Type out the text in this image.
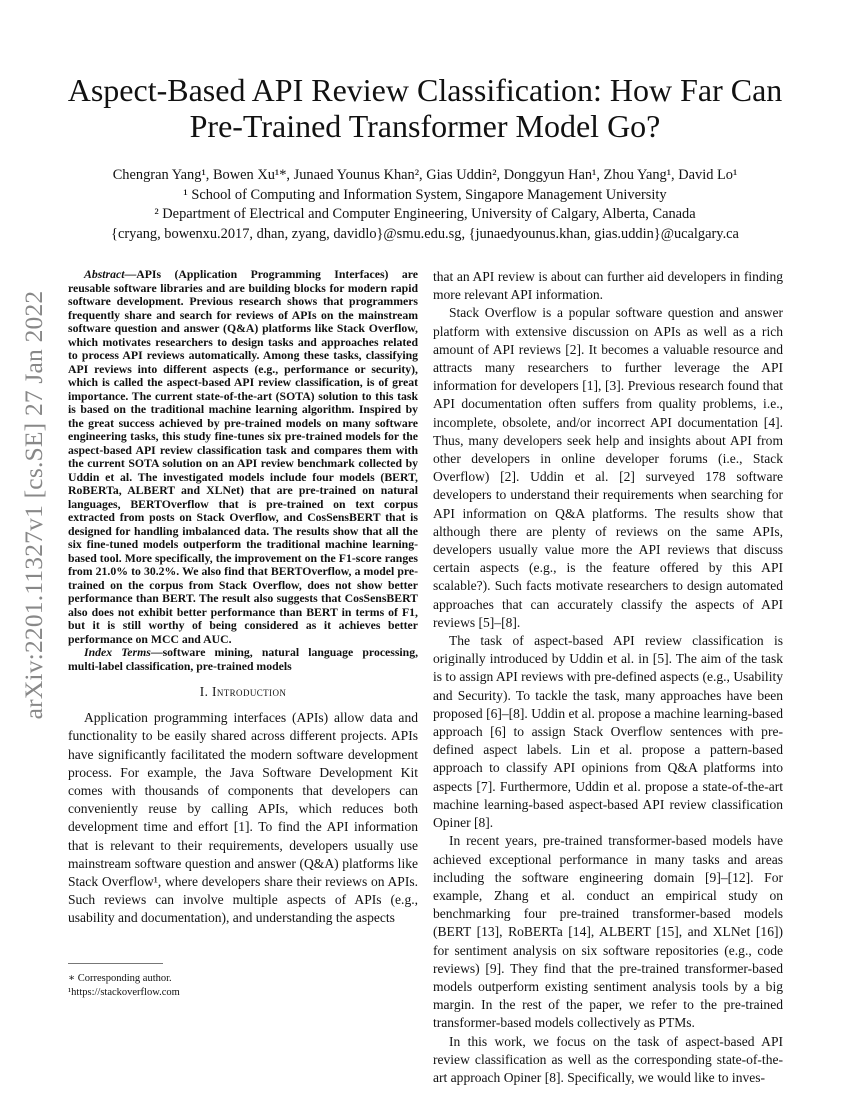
arXiv:2201.11327v1 [cs.SE] 27 Jan 2022
Aspect-Based API Review Classification: How Far Can Pre-Trained Transformer Model Go?
Chengran Yang¹, Bowen Xu¹*, Junaed Younus Khan², Gias Uddin², Donggyun Han¹, Zhou Yang¹, David Lo¹
¹ School of Computing and Information System, Singapore Management University
² Department of Electrical and Computer Engineering, University of Calgary, Alberta, Canada
{cryang, bowenxu.2017, dhan, zyang, davidlo}@smu.edu.sg, {junaedyounus.khan, gias.uddin}@ucalgary.ca

Abstract—APIs (Application Programming Interfaces) are reusable software libraries and are building blocks for modern rapid software development. Previous research shows that programmers frequently share and search for reviews of APIs on the mainstream software question and answer (Q&A) platforms like Stack Overflow, which motivates researchers to design tasks and approaches related to process API reviews automatically. Among these tasks, classifying API reviews into different aspects (e.g., performance or security), which is called the aspect-based API review classification, is of great importance. The current state-of-the-art (SOTA) solution to this task is based on the traditional machine learning algorithm. Inspired by the great success achieved by pre-trained models on many software engineering tasks, this study fine-tunes six pre-trained models for the aspect-based API review classification task and compares them with the current SOTA solution on an API review benchmark collected by Uddin et al. The investigated models include four models (BERT, RoBERTa, ALBERT and XLNet) that are pre-trained on natural languages, BERTOverflow that is pre-trained on text corpus extracted from posts on Stack Overflow, and CosSensBERT that is designed for handling imbalanced data. The results show that all the six fine-tuned models outperform the traditional machine learning-based tool. More specifically, the improvement on the F1-score ranges from 21.0% to 30.2%. We also find that BERTOverflow, a model pre-trained on the corpus from Stack Overflow, does not show better performance than BERT. The result also suggests that CosSensBERT also does not exhibit better performance than BERT in terms of F1, but it is still worthy of being considered as it achieves better performance on MCC and AUC.

Index Terms—software mining, natural language processing, multi-label classification, pre-trained models

I. Introduction

Application programming interfaces (APIs) allow data and functionality to be easily shared across different projects. APIs have significantly facilitated the modern software development process. For example, the Java Software Development Kit comes with thousands of components that developers can conveniently reuse by calling APIs, which reduces both development time and effort [1]. To find the API information that is relevant to their requirements, developers usually use mainstream software question and answer (Q&A) platforms like Stack Overflow¹, where developers share their reviews on APIs. Such reviews can involve multiple aspects of APIs (e.g., usability and documentation), and understanding the aspects

∗ Corresponding author.
¹https://stackoverflow.com

that an API review is about can further aid developers in finding more relevant API information.

Stack Overflow is a popular software question and answer platform with extensive discussion on APIs as well as a rich amount of API reviews [2]. It becomes a valuable resource and attracts many researchers to further leverage the API information for developers [1], [3]. Previous research found that API documentation often suffers from quality problems, i.e., incomplete, obsolete, and/or incorrect API documentation [4]. Thus, many developers seek help and insights about API from other developers in online developer forums (i.e., Stack Overflow) [2]. Uddin et al. [2] surveyed 178 software developers to understand their requirements when searching for API information on Q&A platforms. The results show that although there are plenty of reviews on the same APIs, developers usually value more the API reviews that discuss certain aspects (e.g., is the feature offered by this API scalable?). Such facts motivate researchers to design automated approaches that can accurately classify the aspects of API reviews [5]–[8].

The task of aspect-based API review classification is originally introduced by Uddin et al. in [5]. The aim of the task is to assign API reviews with pre-defined aspects (e.g., Usability and Security). To tackle the task, many approaches have been proposed [6]–[8]. Uddin et al. propose a machine learning-based approach [6] to assign Stack Overflow sentences with pre-defined aspect labels. Lin et al. propose a pattern-based approach to classify API opinions from Q&A platforms into aspects [7]. Furthermore, Uddin et al. propose a state-of-the-art machine learning-based aspect-based API review classification Opiner [8].

In recent years, pre-trained transformer-based models have achieved exceptional performance in many tasks and areas including the software engineering domain [9]–[12]. For example, Zhang et al. conduct an empirical study on benchmarking four pre-trained transformer-based models (BERT [13], RoBERTa [14], ALBERT [15], and XLNet [16]) for sentiment analysis on six software repositories (e.g., code reviews) [9]. They find that the pre-trained transformer-based models outperform existing sentiment analysis tools by a big margin. In the rest of the paper, we refer to the pre-trained transformer-based models collectively as PTMs.

In this work, we focus on the task of aspect-based API review classification as well as the corresponding state-of-the-art approach Opiner [8]. Specifically, we would like to inves-
